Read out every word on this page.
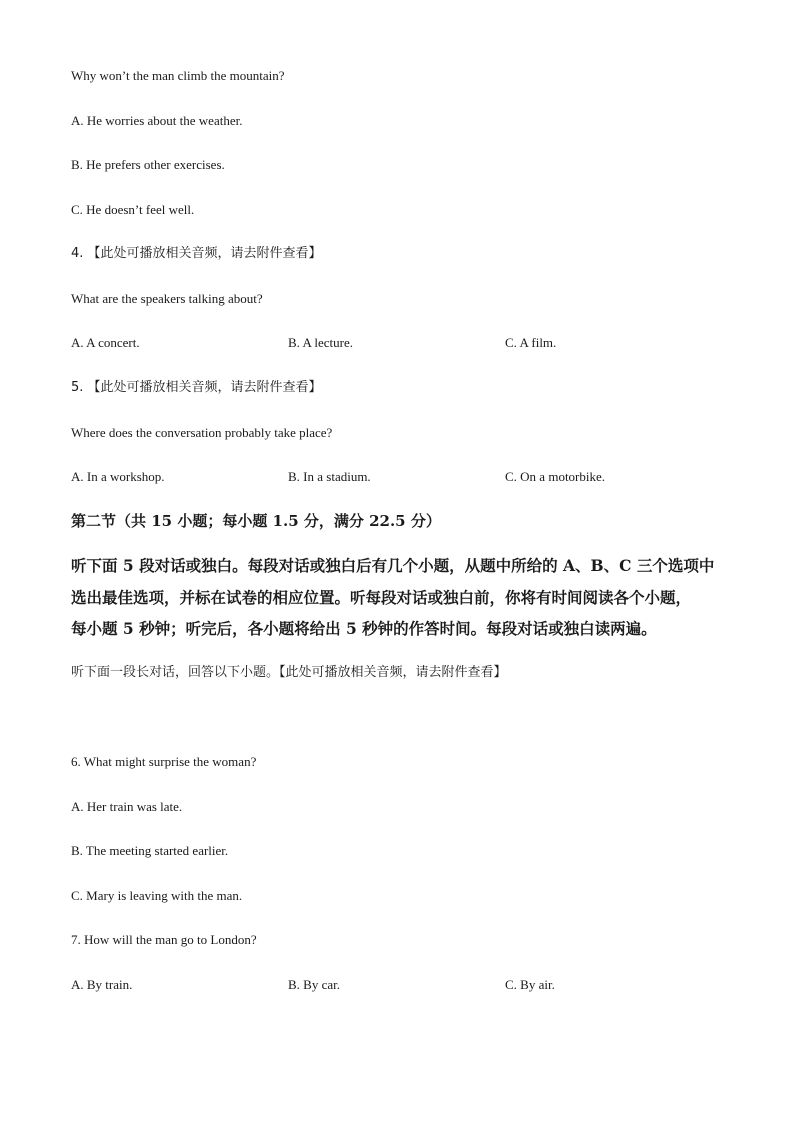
Why won’t the man climb the mountain?
A. He worries about the weather.
B. He prefers other exercises.
C. He doesn’t feel well.
4. 【此处可播放相关音频，请去附件查看】
What are the speakers talking about?
A. A concert.	B. A lecture.	C. A film.
5. 【此处可播放相关音频，请去附件查看】
Where does the conversation probably take place?
A. In a workshop.	B. In a stadium.	C. On a motorbike.
第二节（共 15 小题；每小题 1.5 分，满分 22.5 分）
听下面 5 段对话或独白。每段对话或独白后有几个小题，从题中所给的 A、B、C 三个选项中
选出最佳选项，并标在试卷的相应位置。听每段对话或独白前，你将有时间阅读各个小题，
每小题 5 秒钟；听完后，各小题将给出 5 秒钟的作答时间。每段对话或独白读两遍。
听下面一段长对话，回答以下小题。【此处可播放相关音频，请去附件查看】
6. What might surprise the woman?
A. Her train was late.
B. The meeting started earlier.
C. Mary is leaving with the man.
7. How will the man go to London?
A. By train.	B. By car.	C. By air.
